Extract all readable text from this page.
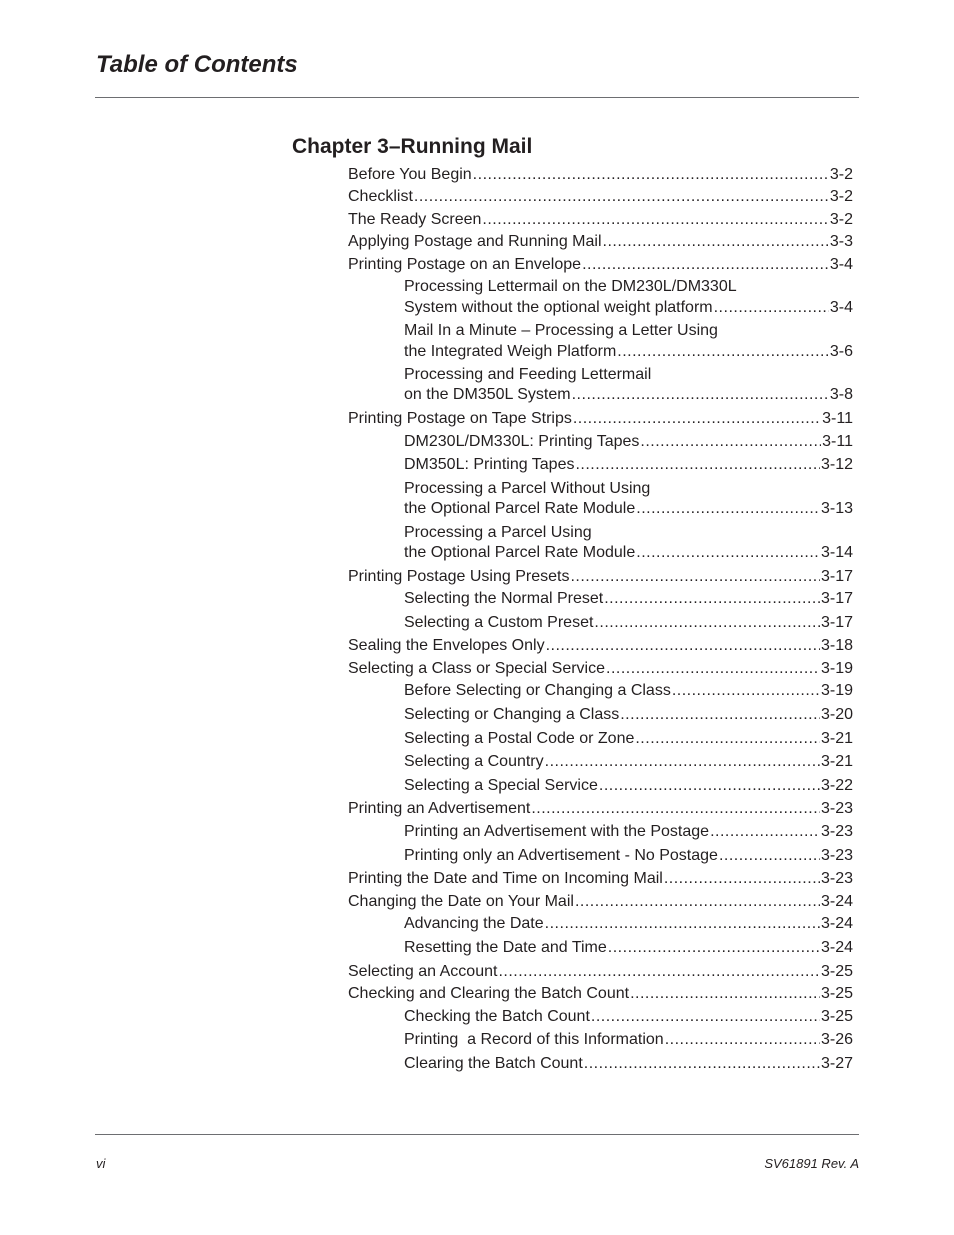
Table of Contents
Chapter 3–Running Mail
Before You Begin .....	3-2
Checklist .....	3-2
The Ready Screen .....	3-2
Applying Postage and Running Mail .....	3-3
Printing Postage on an Envelope .....	3-4
Processing Lettermail on the DM230L/DM330L
System without the optional weight platform .....	3-4
Mail In a Minute – Processing a Letter Using
the Integrated Weigh Platform .....	3-6
Processing and Feeding Lettermail
on the DM350L System .....	3-8
Printing Postage on Tape Strips .....	3-11
DM230L/DM330L: Printing Tapes .....	3-11
DM350L: Printing Tapes .....	3-12
Processing a Parcel Without Using
the Optional Parcel Rate Module .....	3-13
Processing a Parcel Using
the Optional Parcel Rate Module .....	3-14
Printing Postage Using Presets .....	3-17
Selecting the Normal Preset .....	3-17
Selecting a Custom Preset .....	3-17
Sealing the Envelopes Only .....	3-18
Selecting a Class or Special Service .....	3-19
Before Selecting or Changing a Class .....	3-19
Selecting or Changing a Class .....	3-20
Selecting a Postal Code or Zone .....	3-21
Selecting a Country .....	3-21
Selecting a Special Service .....	3-22
Printing an Advertisement .....	3-23
Printing an Advertisement with the Postage .....	3-23
Printing only an Advertisement - No Postage .....	3-23
Printing the Date and Time on Incoming Mail .....	3-23
Changing the Date on Your Mail .....	3-24
Advancing the Date .....	3-24
Resetting the Date and Time .....	3-24
Selecting an Account .....	3-25
Checking and Clearing the Batch Count .....	3-25
Checking the Batch Count .....	3-25
Printing  a Record of this Information .....	3-26
Clearing the Batch Count .....	3-27
vi	SV61891 Rev. A
